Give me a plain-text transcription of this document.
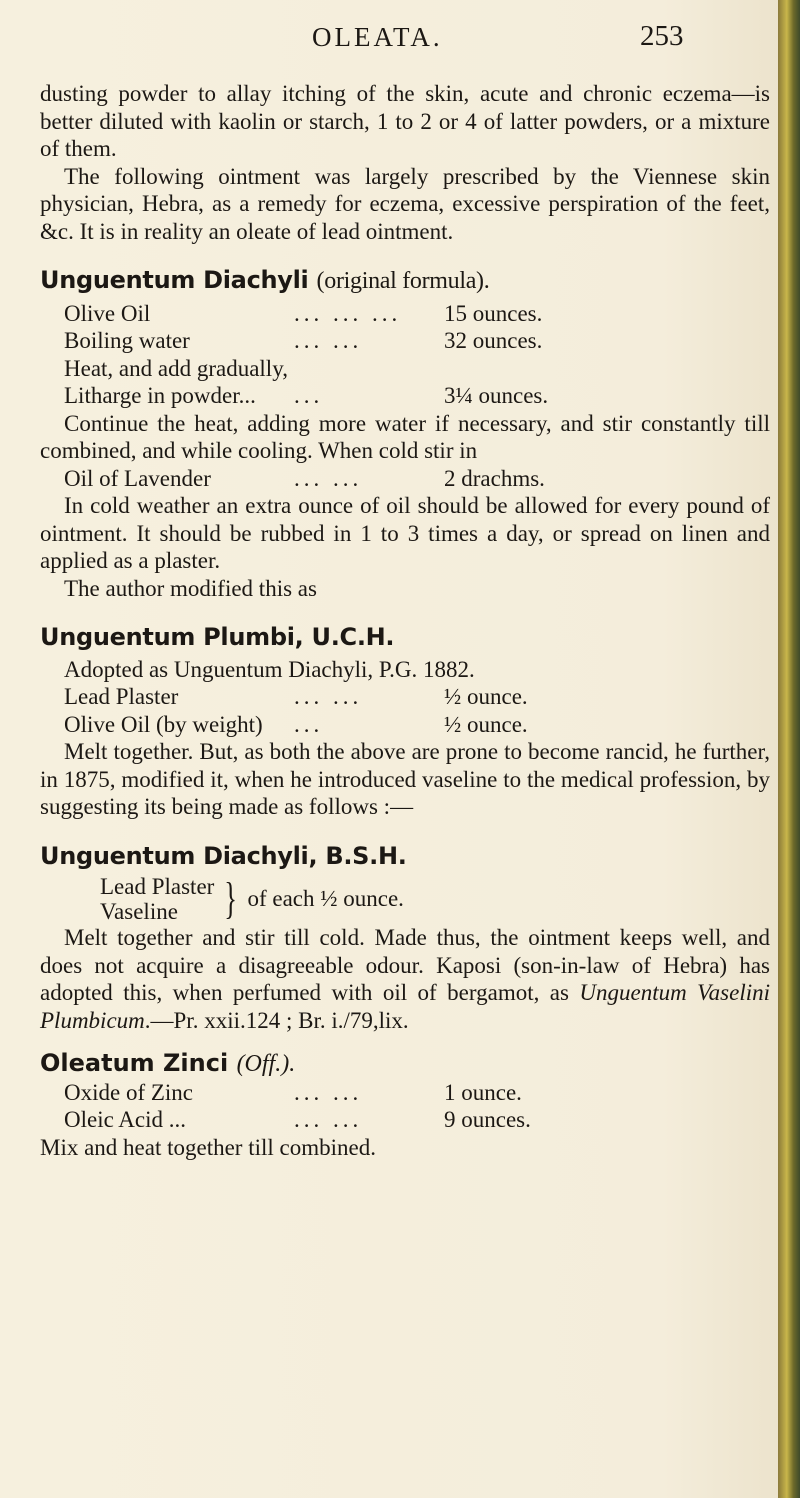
OLEATA.	253

dusting powder to allay itching of the skin, acute and chronic eczema—is better diluted with kaolin or starch, 1 to 2 or 4 of latter powders, or a mixture of them.

The following ointment was largely prescribed by the Viennese skin physician, Hebra, as a remedy for eczema, excessive perspiration of the feet, &c. It is in reality an oleate of lead ointment.

Unguentum Diachyli (original formula).
Olive Oil	... ... ...	15 ounces.
Boiling water	... ...	32 ounces.

Heat, and add gradually,

Litharge in powder...	...	3¼ ounces.

Continue the heat, adding more water if necessary, and stir constantly till combined, and while cooling. When cold stir in

Oil of Lavender	... ...	2 drachms.

In cold weather an extra ounce of oil should be allowed for every pound of ointment. It should be rubbed in 1 to 3 times a day, or spread on linen and applied as a plaster.

The author modified this as

Unguentum Plumbi, U.C.H.

Adopted as Unguentum Diachyli, P.G. 1882.

Lead Plaster	... ...	½ ounce.
Olive Oil (by weight)	...	½ ounce.

Melt together. But, as both the above are prone to become rancid, he further, in 1875, modified it, when he introduced vaseline to the medical profession, by suggesting its being made as follows :—

Unguentum Diachyli, B.S.H.
Lead Plaster
Vaseline	} of each ½ ounce.

Melt together and stir till cold. Made thus, the ointment keeps well, and does not acquire a disagreeable odour. Kaposi (son-in-law of Hebra) has adopted this, when perfumed with oil of bergamot, as Unguentum Vaselini Plumbicum.—Pr. xxii.124 ; Br. i./79,lix.

Oleatum Zinci (Off.).
Oxide of Zinc	... ...	1 ounce.
Oleic Acid ...	... ...	9 ounces.

Mix and heat together till combined.
